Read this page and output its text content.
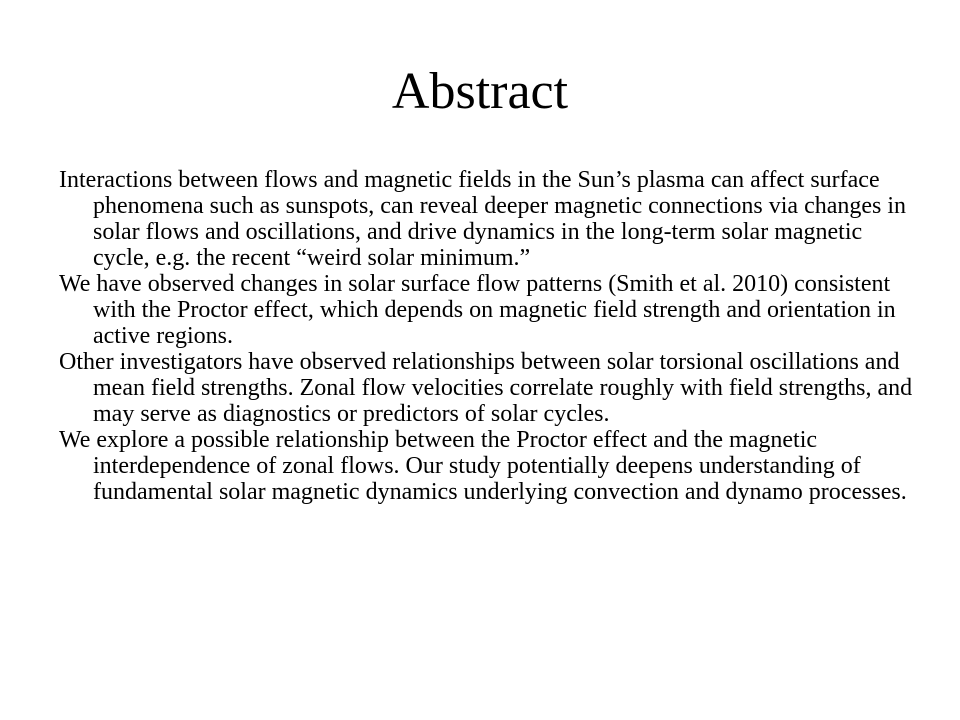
Abstract
Interactions between flows and magnetic fields in the Sun’s plasma can affect surface phenomena such as sunspots, can reveal deeper magnetic connections via changes in solar flows and oscillations, and drive dynamics in the long-term solar magnetic cycle, e.g. the recent “weird solar minimum.”
We have observed changes in solar surface flow patterns (Smith et al. 2010) consistent with the Proctor effect, which depends on magnetic field strength and orientation in active regions.
Other investigators have observed relationships between solar torsional oscillations and mean field strengths. Zonal flow velocities correlate roughly with field strengths, and may serve as diagnostics or predictors of solar cycles.
We explore a possible relationship between the Proctor effect and the magnetic interdependence of zonal flows. Our study potentially deepens understanding of fundamental solar magnetic dynamics underlying convection and dynamo processes.
